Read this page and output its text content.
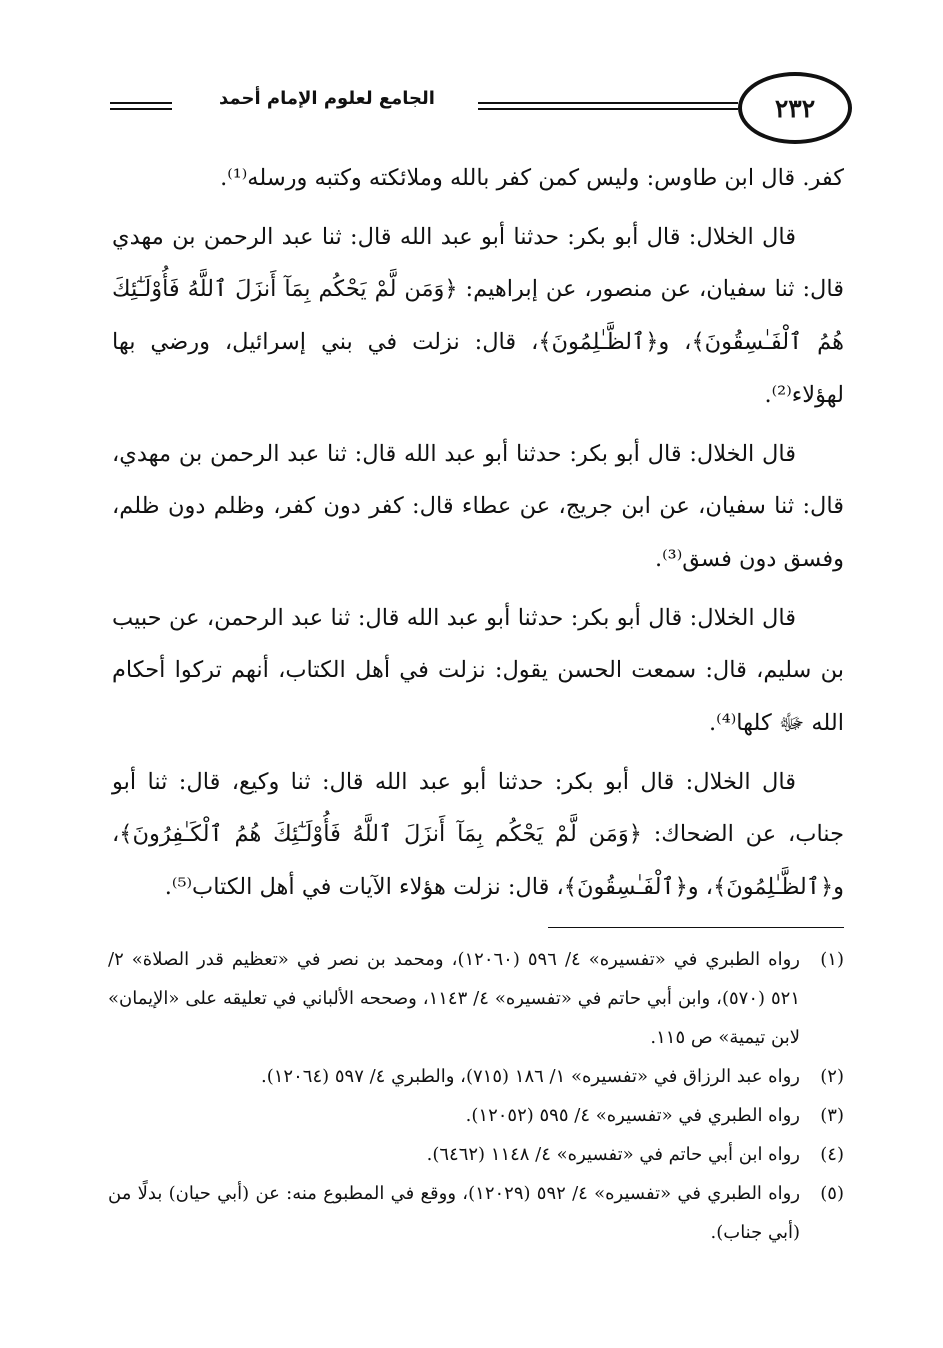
الجامع لعلوم الإمام أحمد	٢٣٢

كفر. قال ابن طاوس: وليس كمن كفر بالله وملائكته وكتبه ورسله⁽¹⁾.

قال الخلال: قال أبو بكر: حدثنا أبو عبد الله قال: ثنا عبد الرحمن بن مهدي قال: ثنا سفيان، عن منصور، عن إبراهيم: ﴿وَمَن لَّمْ يَحْكُم بِمَآ أَنزَلَ ٱللَّهُ فَأُوْلَـٰٓئِكَ هُمُ ٱلْفَـٰسِقُونَ﴾، و﴿ٱلظَّـٰلِمُونَ﴾، قال: نزلت في بني إسرائيل، ورضي بها لهؤلاء⁽²⁾.

قال الخلال: قال أبو بكر: حدثنا أبو عبد الله قال: ثنا عبد الرحمن بن مهدي، قال: ثنا سفيان، عن ابن جريج، عن عطاء قال: كفر دون كفر، وظلم دون ظلم، وفسق دون فسق⁽³⁾.

قال الخلال: قال أبو بكر: حدثنا أبو عبد الله قال: ثنا عبد الرحمن، عن حبيب بن سليم، قال: سمعت الحسن يقول: نزلت في أهل الكتاب، أنهم تركوا أحكام الله ﷻ كلها⁽⁴⁾.

قال الخلال: قال أبو بكر: حدثنا أبو عبد الله قال: ثنا وكيع، قال: ثنا أبو جناب، عن الضحاك: ﴿وَمَن لَّمْ يَحْكُم بِمَآ أَنزَلَ ٱللَّهُ فَأُوْلَـٰٓئِكَ هُمُ ٱلْكَـٰفِرُونَ﴾، و﴿ٱلظَّـٰلِمُونَ﴾، و﴿ٱلْفَـٰسِقُونَ﴾، قال: نزلت هؤلاء الآيات في أهل الكتاب⁽⁵⁾.

(١)
رواه الطبري في «تفسيره» ٤/ ٥٩٦ (١٢٠٦٠)، ومحمد بن نصر في «تعظيم قدر الصلاة» ٢/ ٥٢١ (٥٧٠)، وابن أبي حاتم في «تفسيره» ٤/ ١١٤٣، وصححه الألباني في تعليقه على «الإيمان» لابن تيمية» ص ١١٥.
(٢)
رواه عبد الرزاق في «تفسيره» ١/ ١٨٦ (٧١٥)، والطبري ٤/ ٥٩٧ (١٢٠٦٤).
(٣)
رواه الطبري في «تفسيره» ٤/ ٥٩٥ (١٢٠٥٢).
(٤)
رواه ابن أبي حاتم في «تفسيره» ٤/ ١١٤٨ (٦٤٦٢).
(٥)
رواه الطبري في «تفسيره» ٤/ ٥٩٢ (١٢٠٢٩)، ووقع في المطبوع منه: عن (أبي حيان) بدلًا من (أبي جناب).
